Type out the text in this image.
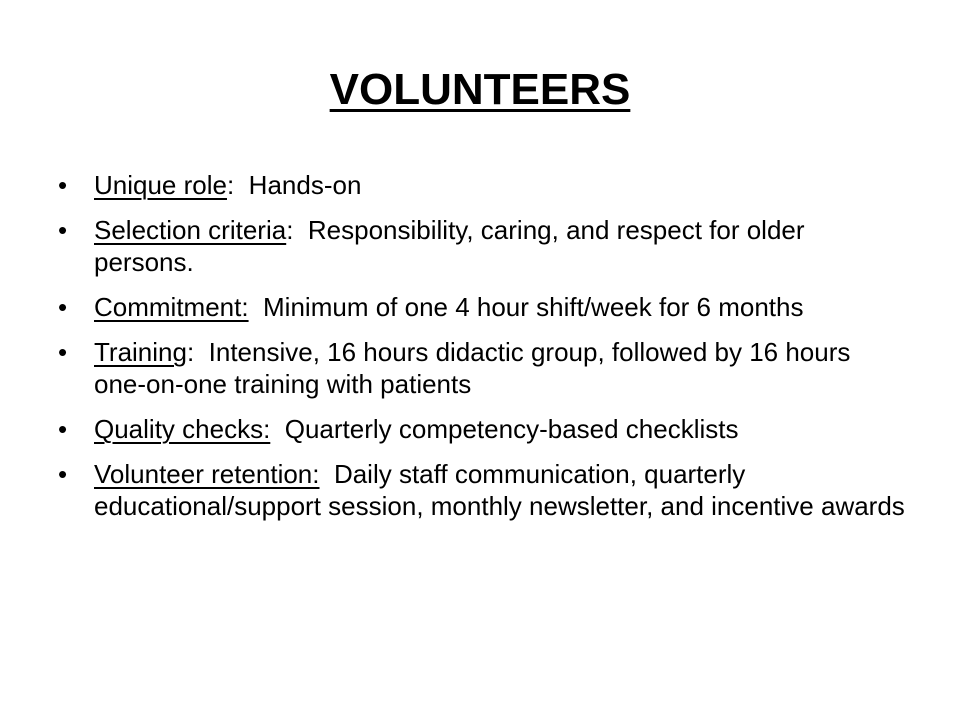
VOLUNTEERS
•	Unique role:  Hands-on
•	Selection criteria:  Responsibility, caring, and respect for older persons.
•	Commitment:  Minimum of one 4 hour shift/week for 6 months
•	Training:  Intensive, 16 hours didactic group, followed by 16 hours one-on-one training with patients
•	Quality checks:  Quarterly competency-based checklists
•	Volunteer retention:  Daily staff communication, quarterly educational/support session, monthly newsletter, and incentive awards
